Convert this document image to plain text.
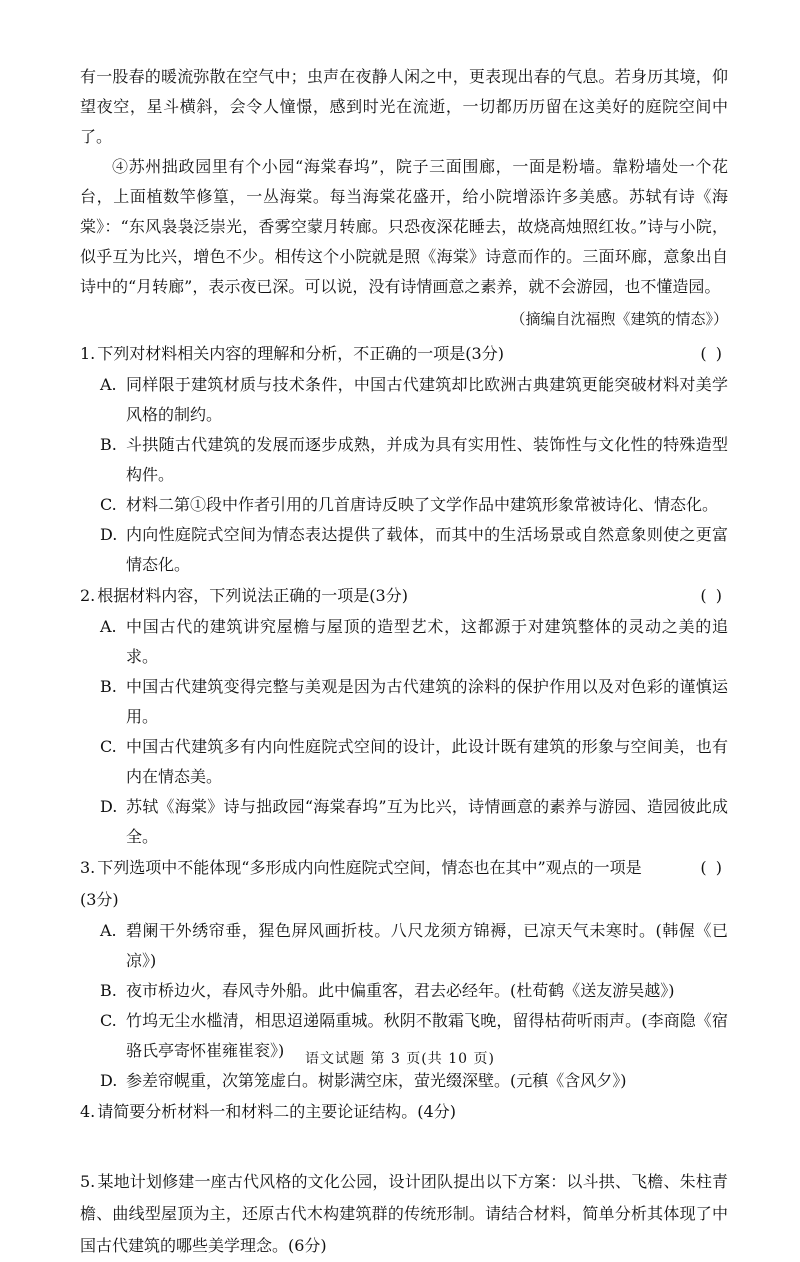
有一股春的暖流弥散在空气中；虫声在夜静人闲之中，更表现出春的气息。若身历其境，仰望夜空，星斗横斜，会令人憧憬，感到时光在流逝，一切都历历留在这美好的庭院空间中了。

④苏州拙政园里有个小园“海棠春坞”，院子三面围廊，一面是粉墙。靠粉墙处一个花台，上面植数竿修篁，一丛海棠。每当海棠花盛开，给小院增添许多美感。苏轼有诗《海棠》：“东风袅袅泛崇光，香雾空蒙月转廊。只恐夜深花睡去，故烧高烛照红妆。”诗与小院，似乎互为比兴，增色不少。相传这个小院就是照《海棠》诗意而作的。三面环廊，意象出自诗中的“月转廊”，表示夜已深。可以说，没有诗情画意之素养，就不会游园，也不懂造园。

（摘编自沈福煦《建筑的情态》）
1. 下列对材料相关内容的理解和分析，不正确的一项是(3分)	( )
A. 同样限于建筑材质与技术条件，中国古代建筑却比欧洲古典建筑更能突破材料对美学风格的制约。
B. 斗拱随古代建筑的发展而逐步成熟，并成为具有实用性、装饰性与文化性的特殊造型构件。
C. 材料二第①段中作者引用的几首唐诗反映了文学作品中建筑形象常被诗化、情态化。
D. 内向性庭院式空间为情态表达提供了载体，而其中的生活场景或自然意象则使之更富情态化。
2. 根据材料内容，下列说法正确的一项是(3分)	( )
A. 中国古代的建筑讲究屋檐与屋顶的造型艺术，这都源于对建筑整体的灵动之美的追求。
B. 中国古代建筑变得完整与美观是因为古代建筑的涂料的保护作用以及对色彩的谨慎运用。
C. 中国古代建筑多有内向性庭院式空间的设计，此设计既有建筑的形象与空间美，也有内在情态美。
D. 苏轼《海棠》诗与拙政园“海棠春坞”互为比兴，诗情画意的素养与游园、造园彼此成全。
3. 下列选项中不能体现“多形成内向性庭院式空间，情态也在其中”观点的一项是(3分)
( )
A. 碧阑干外绣帘垂，猩色屏风画折枝。八尺龙须方锦褥，已凉天气未寒时。(韩偓《已凉》)
B. 夜市桥边火，春风寺外船。此中偏重客，君去必经年。(杜荀鹤《送友游吴越》)
C. 竹坞无尘水槛清，相思迢递隔重城。秋阴不散霜飞晚，留得枯荷听雨声。(李商隐《宿骆氏亭寄怀崔雍崔衮》)
D. 参差帘幌重，次第笼虚白。树影满空床，萤光缀深壁。(元稹《含风夕》)
4. 请简要分析材料一和材料二的主要论证结构。(4分)
5. 某地计划修建一座古代风格的文化公园，设计团队提出以下方案：以斗拱、飞檐、朱柱青檐、曲线型屋顶为主，还原古代木构建筑群的传统形制。请结合材料，简单分析其体现了中国古代建筑的哪些美学理念。(6分)
语文试题 第 3 页(共 10 页)
